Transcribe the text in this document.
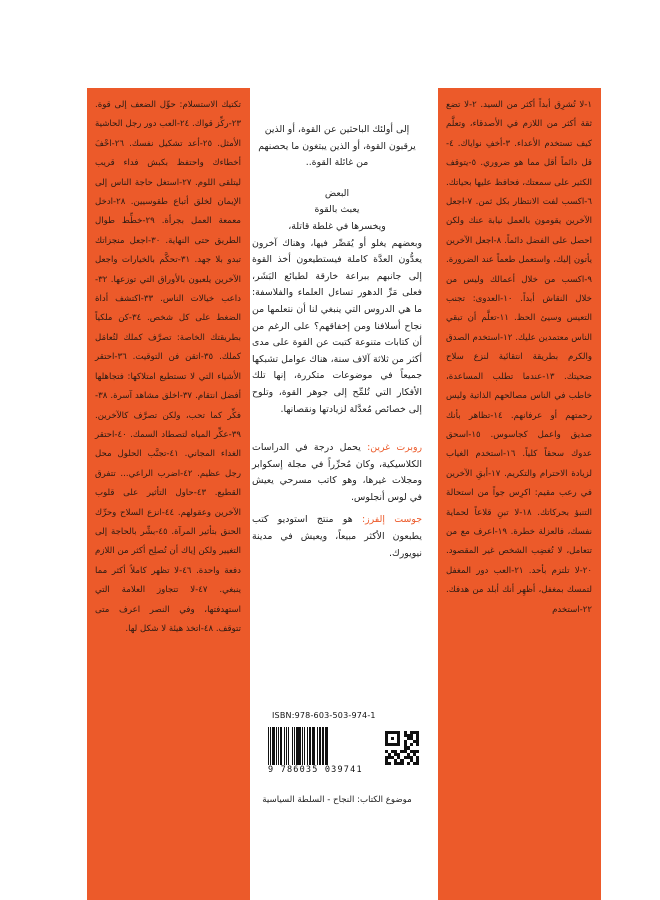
تكتيك الاستسلام: حوِّل الضعف إلى قوة. ٢٣-ركِّز قواك. ٢٤-العب دور رجل الحاشية الأمثل. ٢٥-أعد تشكيل نفسك. ٢٦-احْفَ أخطاءك واحتفظ بكبش فداء قريب ليتلقى اللوم. ٢٧-استغل حاجة الناس إلى الإيمان لخلق أتباع طقوسيين. ٢٨-ادخل معمعة العمل بجرأة. ٢٩-خطِّط طوال الطريق حتى النهاية. ٣٠-اجعل منجزاتك تبدو بلا جهد. ٣١-تحكَّم بالخيارات واجعل الآخرين يلعبون بالأوراق التي توزعها. ٣٢-داعب خيالات الناس. ٣٣-اكتشف أداة الضغط على كل شخص. ٣٤-كن ملكياً بطريقتك الخاصة: تصرَّف كملك لتُعامَل كملك. ٣٥-اتقن فن التوقيت. ٣٦-احتقر الأشياء التي لا تستطيع امتلاكها: فتجاهلها أفضل انتقام. ٣٧-اخلق مشاهد آسرة. ٣٨-فكِّر كما تحب، ولكن تصرَّف كالآخرين. ٣٩-عكِّر المياه لتصطاد السمك. ٤٠-احتقر الغداء المجاني. ٤١-تجنَّب الحلول محل رجل عظيم. ٤٢-اضرب الراعي... تتفرق القطيع. ٤٣-حاول التأثير على قلوب الآخرين وعقولهم. ٤٤-انزع السلاح وحرِّك الحنق بتأثير المرآة. ٤٥-بشِّر بالحاجة إلى التغيير ولكن إياك أن تُصلِح أكثر من اللازم دفعة واحدة. ٤٦-لا تظهر كاملاً أكثر مما ينبغي. ٤٧-لا تتجاوز العلامة التي استهدفتها، وفي النصر اعرف متى تتوقف. ٤٨-اتخذ هيئة لا شكل لها.
١-لا تُشرِق أبداً أكثر من السيد. ٢-لا تضع ثقة أكثر من اللازم في الأصدقاء، وتعلَّم كيف تستخدم الأعداء. ٣-أخفِ نواياك. ٤-قل دائماً أقل مما هو ضروري. ٥-يتوقف الكثير على سمعتك، فحافظ عليها بحياتك. ٦-اكسب لفت الانتظار بكل ثمن. ٧-اجعل الآخرين يقومون بالعمل نيابة عنك ولكن احصل على الفضل دائماً. ٨-اجعل الآخرين يأتون إليك، واستعمل طعماً عند الضرورة. ٩-اكسب من خلال أعمالك وليس من خلال النقاش أبداً. ١٠-العدوى: تجنب التعيس وسيئ الحظ. ١١-تعلَّم أن تبقي الناس معتمدين عليك. ١٢-استخدم الصدق والكرم بطريقة انتقائية لنزع سلاح ضحيتك. ١٣-عندما تطلب المساعدة، خاطب في الناس مصالحهم الذاتية وليس رحمتهم أو عرفانهم. ١٤-تظاهر بأنك صديق واعمل كجاسوس. ١٥-اسحق عدوك سحقاً كلياً. ١٦-استخدم الغياب لزيادة الاحترام والتكريم. ١٧-أبقِ الآخرين في رعب مقيم: اكرِس جواً من استحالة التنبؤ بحركاتك. ١٨-لا تبنِ قلاعاً لحماية نفسك، فالعزلة خطرة. ١٩-اعرف مع من تتعامل، لا تُغضِب الشخص غير المقصود. ٢٠-لا تلتزم بأحد. ٢١-العب دور المغفل لتمسك بمغفل، أظهِر أنك أبلد من هدفك. ٢٢-استخدم

إلى أولئك الباحثين عن القوة، أو الذين يرقبون القوة، أو الذين يبتغون ما يحصنهم من غائلة القوة..

البعض
يعبث بالقوة
ويخسرها في غلطة قاتلة،

وبعضهم يغلو أو يُقصِّر فيها، وهناك آخرون يعدُّون العدَّة كاملة فيستطيعون أخذ القوة إلى جانبهم ببراعة خارقة لطبائع البَشَر، فعلى مَرِّ الدهور تساءل العلماء والفلاسفة: ما هي الدروس التي ينبغي لنا أن نتعلمها من نجاح أسلافنا ومن إخفاقهم؟ على الرغم من أن كتابات متنوعة كتبت عن القوة على مدى أكثر من ثلاثة آلاف سنة، هناك عوامل تشبكها جميعاً في موضوعات متكررة، إنها تلك الأفكار التي تُلمِّح إلى جوهر القوة، وتلوح إلى خصائص مُعدَّلة لزيادتها ونقصانها.

روبرت غرين: يحمل درجة في الدراسات الكلاسيكية، وكان مُحرِّراً في مجلة إسكوابر ومجلات غيرها، وهو كاتب مسرحي يعيش في لوس أنجلوس.

جوست إلفرز: هو منتج استوديو كتب يطبعون الأكثر مبيعاً، ويعيش في مدينة نيويورك.

ISBN:978-603-503-974-1
9 786035 039741
موضوع الكتاب: النجاح - السلطة السياسية
